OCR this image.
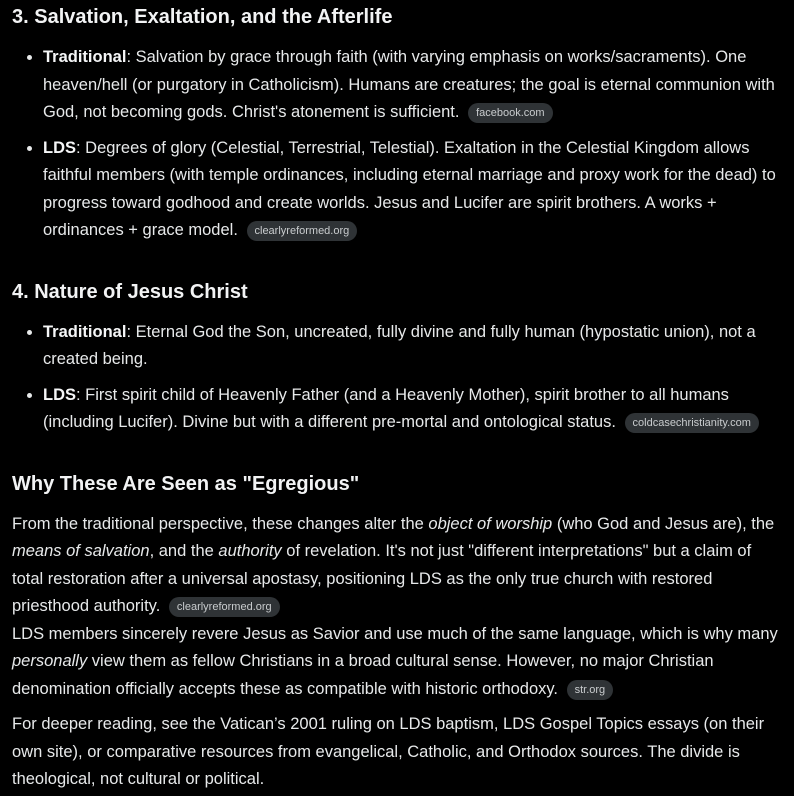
3. Salvation, Exaltation, and the Afterlife
• Traditional: Salvation by grace through faith (with varying emphasis on works/sacraments). One heaven/hell (or purgatory in Catholicism). Humans are creatures; the goal is eternal communion with God, not becoming gods. Christ's atonement is sufficient. facebook.com
• LDS: Degrees of glory (Celestial, Terrestrial, Telestial). Exaltation in the Celestial Kingdom allows faithful members (with temple ordinances, including eternal marriage and proxy work for the dead) to progress toward godhood and create worlds. Jesus and Lucifer are spirit brothers. A works + ordinances + grace model. clearlyreformed.org
4. Nature of Jesus Christ
• Traditional: Eternal God the Son, uncreated, fully divine and fully human (hypostatic union), not a created being.
• LDS: First spirit child of Heavenly Father (and a Heavenly Mother), spirit brother to all humans (including Lucifer). Divine but with a different pre-mortal and ontological status. coldcasechristianity.com
Why These Are Seen as "Egregious"

From the traditional perspective, these changes alter the object of worship (who God and Jesus are), the means of salvation, and the authority of revelation. It's not just "different interpretations" but a claim of total restoration after a universal apostasy, positioning LDS as the only true church with restored priesthood authority. clearlyreformed.org

LDS members sincerely revere Jesus as Savior and use much of the same language, which is why many personally view them as fellow Christians in a broad cultural sense. However, no major Christian denomination officially accepts these as compatible with historic orthodoxy. str.org

For deeper reading, see the Vatican’s 2001 ruling on LDS baptism, LDS Gospel Topics essays (on their own site), or comparative resources from evangelical, Catholic, and Orthodox sources. The divide is theological, not cultural or political.
